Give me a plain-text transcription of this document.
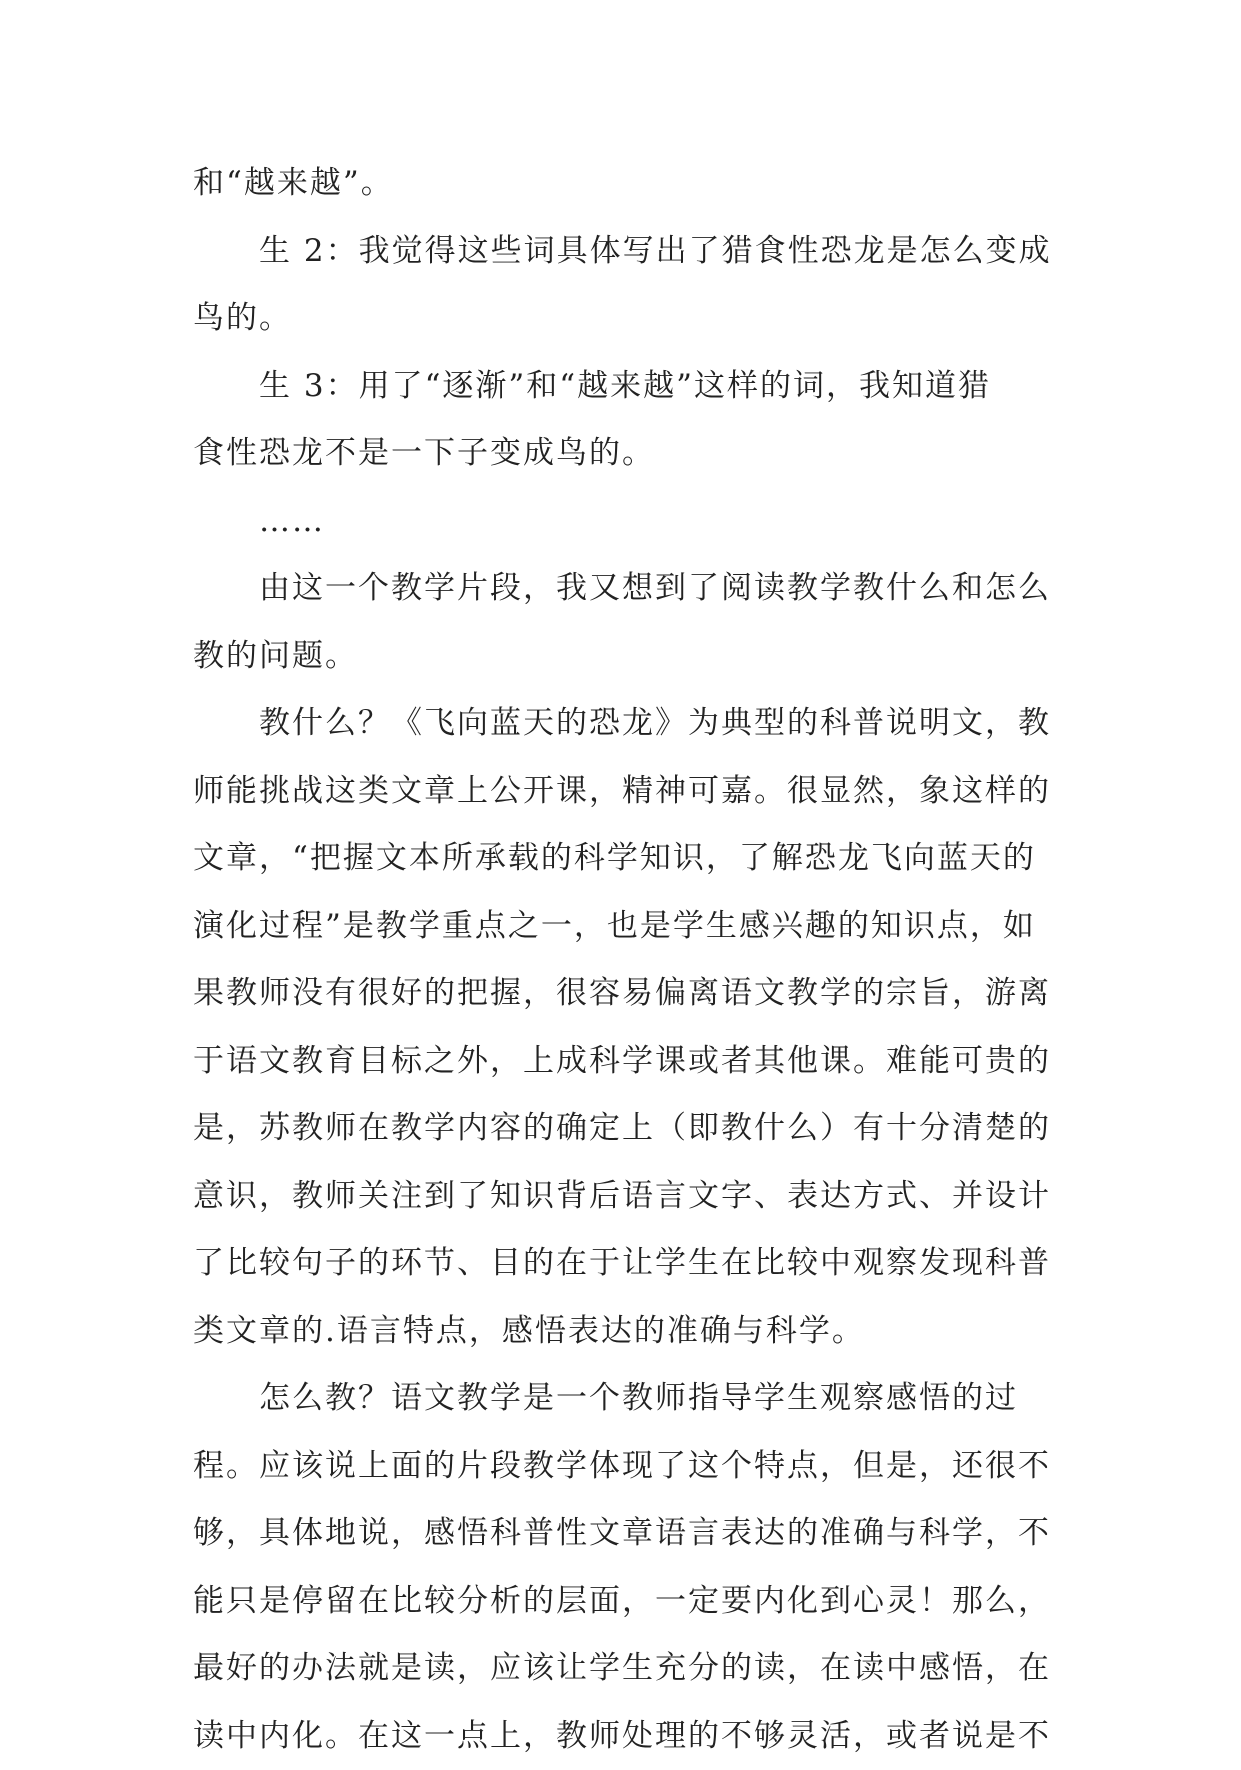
和“越来越”。
生 2：我觉得这些词具体写出了猎食性恐龙是怎么变成
鸟的。
生 3：用了“逐渐”和“越来越”这样的词，我知道猎
食性恐龙不是一下子变成鸟的。
……
由这一个教学片段，我又想到了阅读教学教什么和怎么
教的问题。
教什么？《飞向蓝天的恐龙》为典型的科普说明文，教
师能挑战这类文章上公开课，精神可嘉。很显然，象这样的
文章，“把握文本所承载的科学知识，了解恐龙飞向蓝天的
演化过程”是教学重点之一，也是学生感兴趣的知识点，如
果教师没有很好的把握，很容易偏离语文教学的宗旨，游离
于语文教育目标之外，上成科学课或者其他课。难能可贵的
是，苏教师在教学内容的确定上（即教什么）有十分清楚的
意识，教师关注到了知识背后语言文字、表达方式、并设计
了比较句子的环节、目的在于让学生在比较中观察发现科普
类文章的.语言特点，感悟表达的准确与科学。
怎么教？语文教学是一个教师指导学生观察感悟的过
程。应该说上面的片段教学体现了这个特点，但是，还很不
够，具体地说，感悟科普性文章语言表达的准确与科学，不
能只是停留在比较分析的层面，一定要内化到心灵！那么，
最好的办法就是读，应该让学生充分的读，在读中感悟，在
读中内化。在这一点上，教师处理的不够灵活，或者说是不
